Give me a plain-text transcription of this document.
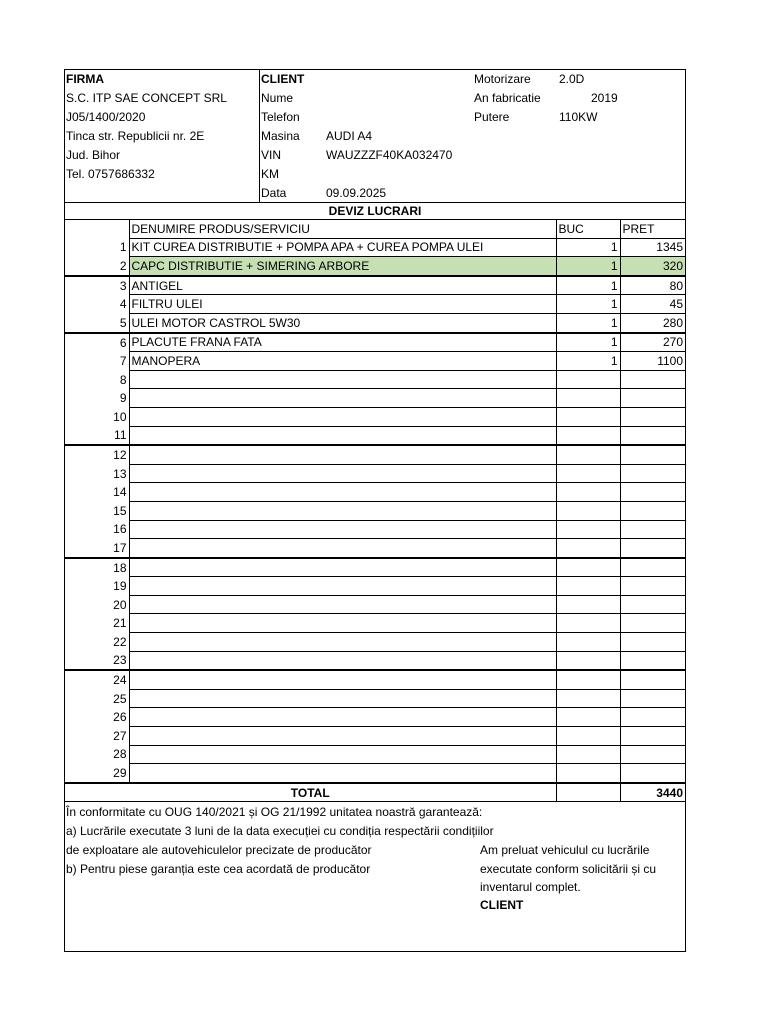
FIRMA
S.C. ITP SAE CONCEPT SRL
J05/1400/2020
Tinca str. Republicii nr. 2E
Jud. Bihor
Tel. 0757686332
CLIENT
Nume
Telefon
Masina AUDI A4
VIN	WAUZZZF40KA032470
KM
Data	09.09.2025
Motorizare 2.0D
An fabricatie	2019
Putere	110KW
DEVIZ LUCRARI
	DENUMIRE PRODUS/SERVICIU	BUC	PRET
1	KIT CUREA DISTRIBUTIE + POMPA APA + CUREA POMPA ULEI	1	1345
2	CAPC DISTRIBUTIE + SIMERING ARBORE	1	320
3	ANTIGEL	1	80
4	FILTRU ULEI	1	45
5	ULEI MOTOR CASTROL 5W30	1	280
6	PLACUTE FRANA FATA	1	270
7	MANOPERA	1	1100
8			
9			
10			
11			
12			
13			
14			
15			
16			
17			
18			
19			
20			
21			
22			
23			
24			
25			
26			
27			
28			
29			
TOTAL			3440
În conformitate cu OUG 140/2021 și OG 21/1992 unitatea noastră garantează:
a) Lucrările executate 3 luni de la data execuției cu condiția respectării condițiilor
de exploatare ale autovehiculelor precizate de producător
b) Pentru piese garanția este cea acordată de producător
Am preluat vehiculul cu lucrările
executate conform solicitării și cu
inventarul complet.
CLIENT
